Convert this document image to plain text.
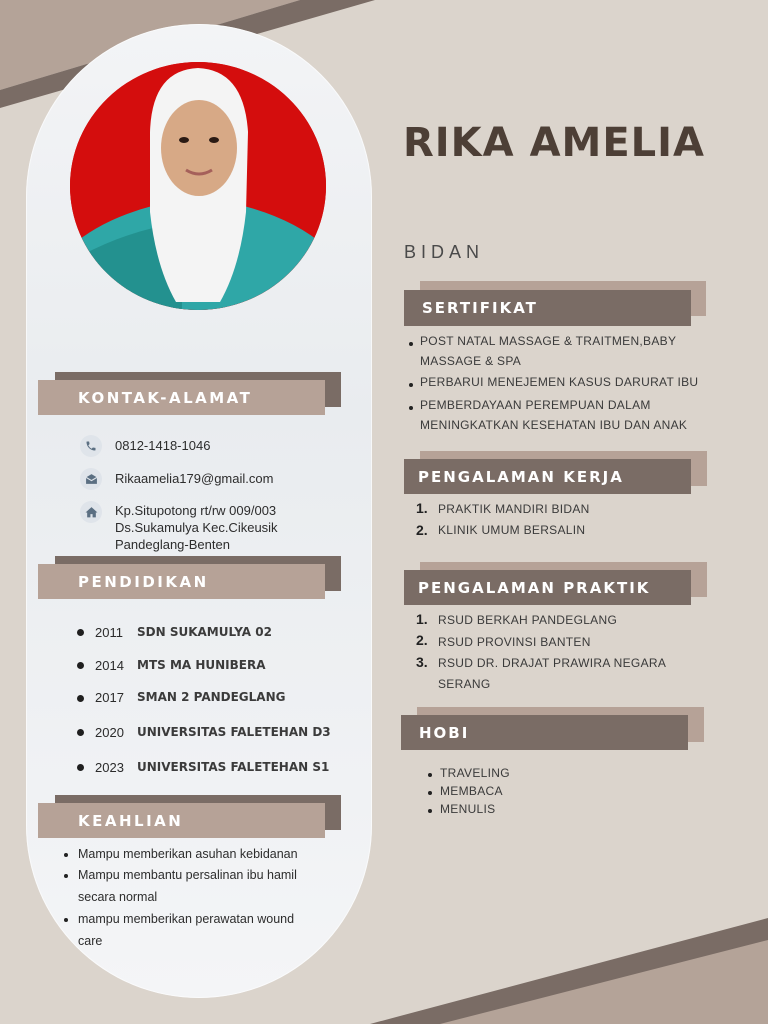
RIKA AMELIA
BIDAN
KONTAK-ALAMAT
0812-1418-1046
Rikaamelia179@gmail.com
Kp.Situpotong rt/rw 009/003
Ds.Sukamulya Kec.Cikeusik
Pandeglang-Benten
PENDIDIKAN
2011 SDN SUKAMULYA 02
2014 MTS MA HUNIBERA
2017 SMAN 2 PANDEGLANG
2020 UNIVERSITAS FALETEHAN D3
2023 UNIVERSITAS FALETEHAN S1
KEAHLIAN
Mampu memberikan asuhan kebidanan
Mampu membantu persalinan ibu hamil
secara normal
mampu memberikan perawatan wound
care
SERTIFIKAT
POST NATAL MASSAGE & TRAITMEN,BABY
MASSAGE & SPA
PERBARUI MENEJEMEN KASUS DARURAT IBU
PEMBERDAYAAN PEREMPUAN DALAM
MENINGKATKAN KESEHATAN IBU DAN ANAK
PENGALAMAN KERJA
1. PRAKTIK MANDIRI BIDAN
2. KLINIK UMUM BERSALIN
PENGALAMAN PRAKTIK
1. RSUD BERKAH PANDEGLANG
2. RSUD PROVINSI BANTEN
3. RSUD DR. DRAJAT PRAWIRA NEGARA
SERANG
HOBI
TRAVELING
MEMBACA
MENULIS
